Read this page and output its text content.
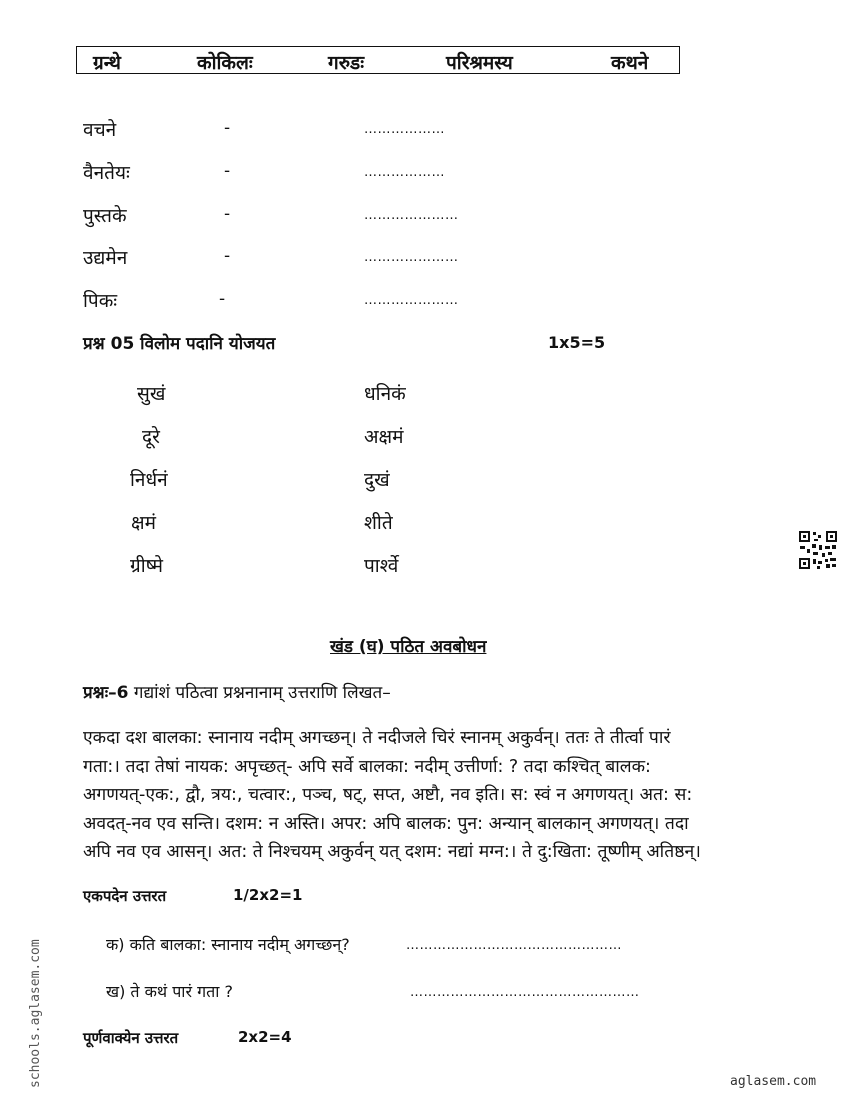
ग्रन्थे	कोकिलः	गरुडः	परिश्रमस्य	कथने
वचने	-	………………
वैनतेयः	-	………………
पुस्तके	-	…………………
उद्यमेन	-	…………………
पिकः	-	…………………
प्रश्न 05 विलोम पदानि योजयत	1x5=5
सुखं	धनिकं
दूरे	अक्षमं
निर्धनं	दुखं
क्षमं	शीते
ग्रीष्मे	पार्श्वे
खंड (घ) पठित अवबोधन
प्रश्नः–6 गद्यांशं पठित्वा प्रश्ननानाम् उत्तराणि लिखत–
एकदा दश बालका: स्नानाय नदीम् अगच्छन्। ते नदीजले चिरं स्नानम् अकुर्वन्। ततः ते तीर्त्वा पारं
गता:। तदा तेषां नायक: अपृच्छत्- अपि सर्वे बालका: नदीम् उत्तीर्णा: ? तदा कश्चित् बालक:
अगणयत्-एक:, द्वौ, त्रय:, चत्वार:, पञ्च, षट्, सप्त, अष्टौ, नव इति। स: स्वं न अगणयत्। अत: स:
अवदत्-नव एव सन्ति। दशम: न अस्ति। अपर: अपि बालक: पुन: अन्यान् बालकान् अगणयत्। तदा
अपि नव एव आसन्। अत: ते निश्चयम् अकुर्वन् यत् दशम: नद्यां मग्न:। ते दु:खिता: तूष्णीम् अतिष्ठन्।
एकपदेन उत्तरत	1/2x2=1
क) कति बालका: स्नानाय नदीम् अगच्छन्?	…………………………………………
ख) ते कथं पारं गता ?	……………………………………………
पूर्णवाक्येन उत्तरत	2x2=4
schools.aglasem.com	aglasem.com
